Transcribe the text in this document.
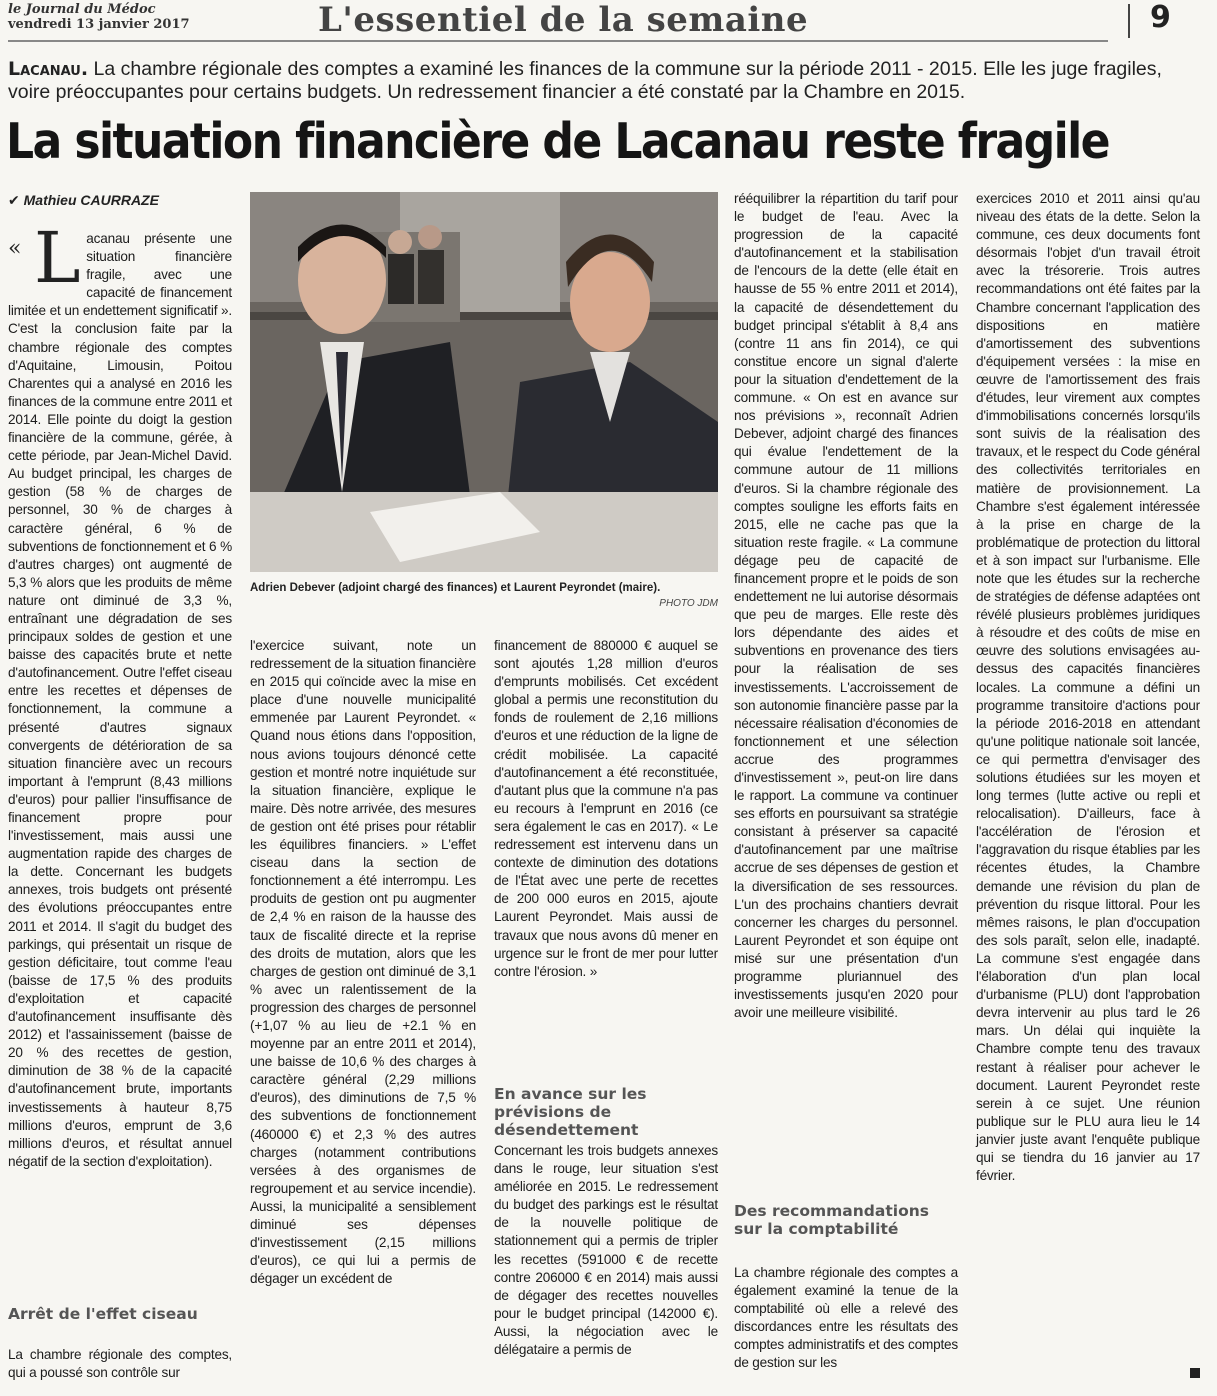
le Journal du Médoc
vendredi 13 janvier 2017	L'essentiel de la semaine	9
Lacanau. La chambre régionale des comptes a examiné les finances de la commune sur la période 2011 - 2015. Elle les juge fragiles, voire préoccupantes pour certains budgets. Un redressement financier a été constaté par la Chambre en 2015.
La situation financière de Lacanau reste fragile
✔ Mathieu CAURRAZE
« Lacanau présente une situation financière fragile, avec une capacité de financement limitée et un endettement significatif ». C'est la conclusion faite par la chambre régionale des comptes d'Aquitaine, Limousin, Poitou Charentes qui a analysé en 2016 les finances de la commune entre 2011 et 2014. Elle pointe du doigt la gestion financière de la commune, gérée, à cette période, par Jean-Michel David. Au budget principal, les charges de gestion (58 % de charges de personnel, 30 % de charges à caractère général, 6 % de subventions de fonctionnement et 6 % d'autres charges) ont augmenté de 5,3 % alors que les produits de même nature ont diminué de 3,3 %, entraînant une dégradation de ses principaux soldes de gestion et une baisse des capacités brute et nette d'autofinancement. Outre l'effet ciseau entre les recettes et dépenses de fonctionnement, la commune a présenté d'autres signaux convergents de détérioration de sa situation financière avec un recours important à l'emprunt (8,43 millions d'euros) pour pallier l'insuffisance de financement propre pour l'investissement, mais aussi une augmentation rapide des charges de la dette. Concernant les budgets annexes, trois budgets ont présenté des évolutions préoccupantes entre 2011 et 2014. Il s'agit du budget des parkings, qui présentait un risque de gestion déficitaire, tout comme l'eau (baisse de 17,5 % des produits d'exploitation et capacité d'autofinancement insuffisante dès 2012) et l'assainissement (baisse de 20 % des recettes de gestion, diminution de 38 % de la capacité d'autofinancement brute, importants investissements à hauteur 8,75 millions d'euros, emprunt de 3,6 millions d'euros, et résultat annuel négatif de la section d'exploitation).
Arrêt de l'effet ciseau
La chambre régionale des comptes, qui a poussé son contrôle sur
Adrien Debever (adjoint chargé des finances) et Laurent Peyrondet (maire).
PHOTO JDM
l'exercice suivant, note un redressement de la situation financière en 2015 qui coïncide avec la mise en place d'une nouvelle municipalité emmenée par Laurent Peyrondet. « Quand nous étions dans l'opposition, nous avions toujours dénoncé cette gestion et montré notre inquiétude sur la situation financière, explique le maire. Dès notre arrivée, des mesures de gestion ont été prises pour rétablir les équilibres financiers. » L'effet ciseau dans la section de fonctionnement a été interrompu. Les produits de gestion ont pu augmenter de 2,4 % en raison de la hausse des taux de fiscalité directe et la reprise des droits de mutation, alors que les charges de gestion ont diminué de 3,1 % avec un ralentissement de la progression des charges de personnel (+1,07 % au lieu de +2.1 % en moyenne par an entre 2011 et 2014), une baisse de 10,6 % des charges à caractère général (2,29 millions d'euros), des diminutions de 7,5 % des subventions de fonctionnement (460000 €) et 2,3 % des autres charges (notamment contributions versées à des organismes de regroupement et au service incendie). Aussi, la municipalité a sensiblement diminué ses dépenses d'investissement (2,15 millions d'euros), ce qui lui a permis de dégager un excédent de
financement de 880000 € auquel se sont ajoutés 1,28 million d'euros d'emprunts mobilisés. Cet excédent global a permis une reconstitution du fonds de roulement de 2,16 millions d'euros et une réduction de la ligne de crédit mobilisée. La capacité d'autofinancement a été reconstituée, d'autant plus que la commune n'a pas eu recours à l'emprunt en 2016 (ce sera également le cas en 2017). « Le redressement est intervenu dans un contexte de diminution des dotations de l'État avec une perte de recettes de 200 000 euros en 2015, ajoute Laurent Peyrondet. Mais aussi de travaux que nous avons dû mener en urgence sur le front de mer pour lutter contre l'érosion. »
En avance sur les prévisions de désendettement
Concernant les trois budgets annexes dans le rouge, leur situation s'est améliorée en 2015. Le redressement du budget des parkings est le résultat de la nouvelle politique de stationnement qui a permis de tripler les recettes (591000 € de recette contre 206000 € en 2014) mais aussi de dégager des recettes nouvelles pour le budget principal (142000 €). Aussi, la négociation avec le délégataire a permis de
rééquilibrer la répartition du tarif pour le budget de l'eau. Avec la progression de la capacité d'autofinancement et la stabilisation de l'encours de la dette (elle était en hausse de 55 % entre 2011 et 2014), la capacité de désendettement du budget principal s'établit à 8,4 ans (contre 11 ans fin 2014), ce qui constitue encore un signal d'alerte pour la situation d'endettement de la commune. « On est en avance sur nos prévisions », reconnaît Adrien Debever, adjoint chargé des finances qui évalue l'endettement de la commune autour de 11 millions d'euros. Si la chambre régionale des comptes souligne les efforts faits en 2015, elle ne cache pas que la situation reste fragile. « La commune dégage peu de capacité de financement propre et le poids de son endettement ne lui autorise désormais que peu de marges. Elle reste dès lors dépendante des aides et subventions en provenance des tiers pour la réalisation de ses investissements. L'accroissement de son autonomie financière passe par la nécessaire réalisation d'économies de fonctionnement et une sélection accrue des programmes d'investissement », peut-on lire dans le rapport. La commune va continuer ses efforts en poursuivant sa stratégie consistant à préserver sa capacité d'autofinancement par une maîtrise accrue de ses dépenses de gestion et la diversification de ses ressources. L'un des prochains chantiers devrait concerner les charges du personnel. Laurent Peyrondet et son équipe ont misé sur une présentation d'un programme pluriannuel des investissements jusqu'en 2020 pour avoir une meilleure visibilité.
Des recommandations sur la comptabilité
La chambre régionale des comptes a également examiné la tenue de la comptabilité où elle a relevé des discordances entre les résultats des comptes administratifs et des comptes de gestion sur les
exercices 2010 et 2011 ainsi qu'au niveau des états de la dette. Selon la commune, ces deux documents font désormais l'objet d'un travail étroit avec la trésorerie. Trois autres recommandations ont été faites par la Chambre concernant l'application des dispositions en matière d'amortissement des subventions d'équipement versées : la mise en œuvre de l'amortissement des frais d'études, leur virement aux comptes d'immobilisations concernés lorsqu'ils sont suivis de la réalisation des travaux, et le respect du Code général des collectivités territoriales en matière de provisionnement. La Chambre s'est également intéressée à la prise en charge de la problématique de protection du littoral et à son impact sur l'urbanisme. Elle note que les études sur la recherche de stratégies de défense adaptées ont révélé plusieurs problèmes juridiques à résoudre et des coûts de mise en œuvre des solutions envisagées au-dessus des capacités financières locales. La commune a défini un programme transitoire d'actions pour la période 2016-2018 en attendant qu'une politique nationale soit lancée, ce qui permettra d'envisager des solutions étudiées sur les moyen et long termes (lutte active ou repli et relocalisation). D'ailleurs, face à l'accélération de l'érosion et l'aggravation du risque établies par les récentes études, la Chambre demande une révision du plan de prévention du risque littoral. Pour les mêmes raisons, le plan d'occupation des sols paraît, selon elle, inadapté. La commune s'est engagée dans l'élaboration d'un plan local d'urbanisme (PLU) dont l'approbation devra intervenir au plus tard le 26 mars. Un délai qui inquiète la Chambre compte tenu des travaux restant à réaliser pour achever le document. Laurent Peyrondet reste serein à ce sujet. Une réunion publique sur le PLU aura lieu le 14 janvier juste avant l'enquête publique qui se tiendra du 16 janvier au 17 février.
